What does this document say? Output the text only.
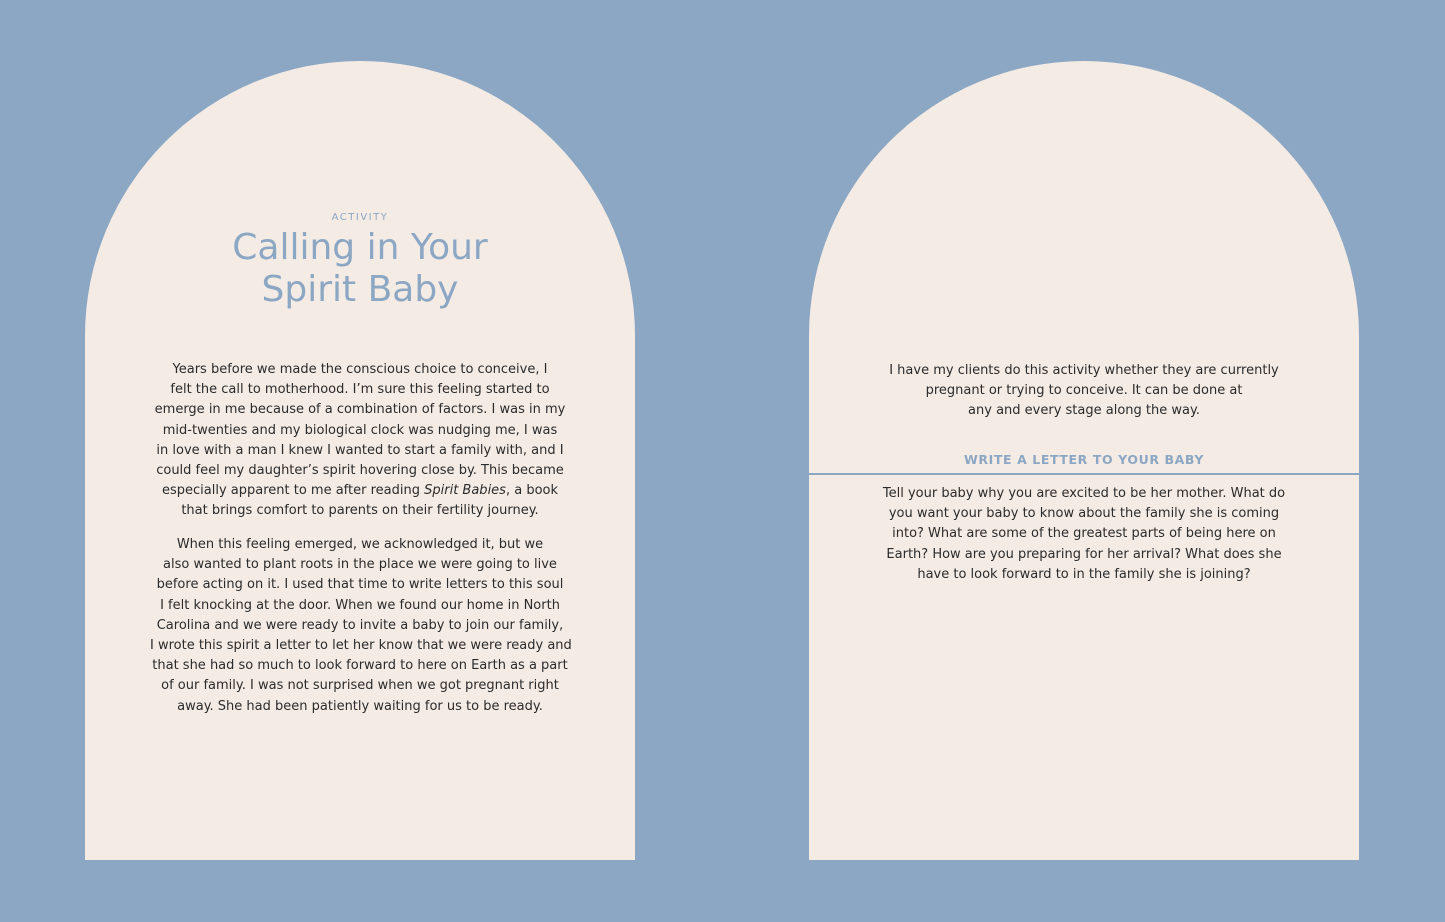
ACTIVITY

Calling in Your
Spirit Baby

Years before we made the conscious choice to conceive, I
felt the call to motherhood. I’m sure this feeling started to
emerge in me because of a combination of factors. I was in my
mid-twenties and my biological clock was nudging me, I was
in love with a man I knew I wanted to start a family with, and I
could feel my daughter’s spirit hovering close by. This became
especially apparent to me after reading Spirit Babies, a book
that brings comfort to parents on their fertility journey.

When this feeling emerged, we acknowledged it, but we
also wanted to plant roots in the place we were going to live
before acting on it. I used that time to write letters to this soul
I felt knocking at the door. When we found our home in North
Carolina and we were ready to invite a baby to join our family,
I wrote this spirit a letter to let her know that we were ready and
that she had so much to look forward to here on Earth as a part
of our family. I was not surprised when we got pregnant right
away. She had been patiently waiting for us to be ready.

I have my clients do this activity whether they are currently
pregnant or trying to conceive. It can be done at
any and every stage along the way.

WRITE A LETTER TO YOUR BABY

Tell your baby why you are excited to be her mother. What do
you want your baby to know about the family she is coming
into? What are some of the greatest parts of being here on
Earth? How are you preparing for her arrival? What does she
have to look forward to in the family she is joining?
